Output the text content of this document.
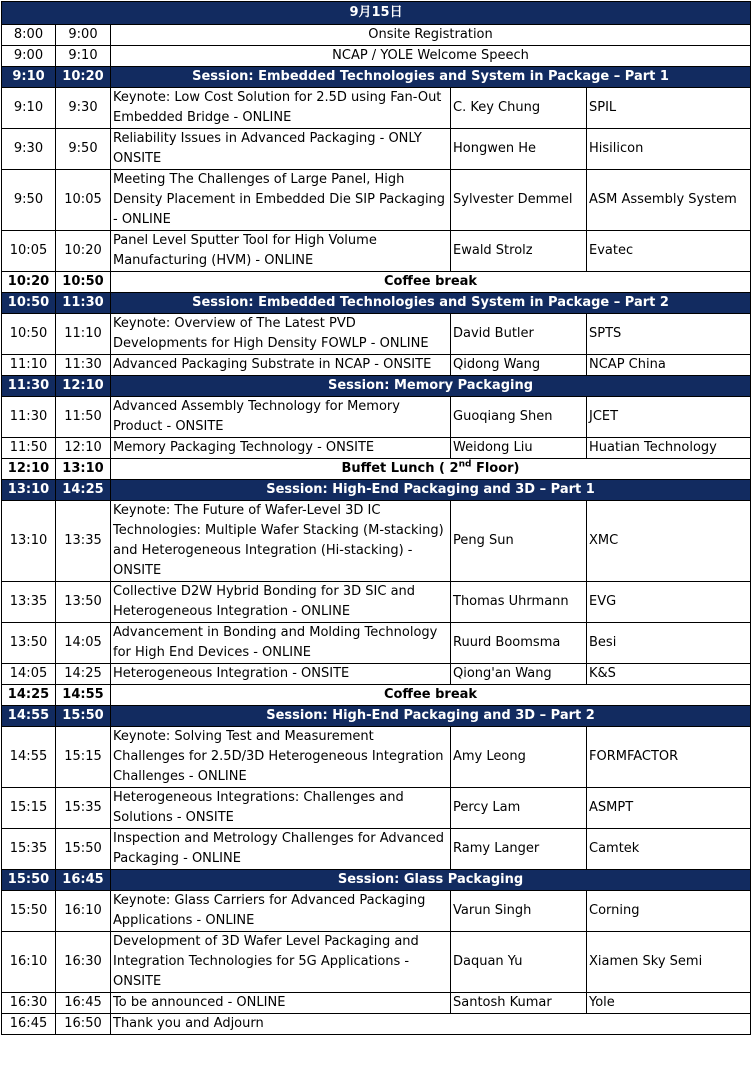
9月15日				
8:00	9:00	Onsite Registration		
9:00	9:10	NCAP / YOLE Welcome Speech		
9:10	10:20	Session: Embedded Technologies and System in Package – Part 1		
9:10	9:30	Keynote: Low Cost Solution for 2.5D using Fan-Out Embedded Bridge - ONLINE	C. Key Chung	SPIL
9:30	9:50	Reliability Issues in Advanced Packaging - ONLY ONSITE	Hongwen He	Hisilicon
9:50	10:05	Meeting The Challenges of Large Panel, High Density Placement in Embedded Die SIP Packaging - ONLINE	Sylvester Demmel	ASM Assembly System
10:05	10:20	Panel Level Sputter Tool for High Volume Manufacturing (HVM) - ONLINE	Ewald Strolz	Evatec
10:20	10:50	Coffee break		
10:50	11:30	Session: Embedded Technologies and System in Package – Part 2		
10:50	11:10	Keynote: Overview of The Latest PVD Developments for High Density FOWLP - ONLINE	David Butler	SPTS
11:10	11:30	Advanced Packaging Substrate in NCAP - ONSITE	Qidong Wang	NCAP China
11:30	12:10	Session: Memory Packaging		
11:30	11:50	Advanced Assembly Technology for Memory Product - ONSITE	Guoqiang Shen	JCET
11:50	12:10	Memory Packaging Technology - ONSITE	Weidong Liu	Huatian Technology
12:10	13:10	Buffet Lunch ( 2nd Floor)		
13:10	14:25	Session: High-End Packaging and 3D – Part 1		
13:10	13:35	Keynote: The Future of Wafer-Level 3D IC Technologies: Multiple Wafer Stacking (M-stacking) and Heterogeneous Integration (Hi-stacking) - ONSITE	Peng Sun	XMC
13:35	13:50	Collective D2W Hybrid Bonding for 3D SIC and Heterogeneous Integration - ONLINE	Thomas Uhrmann	EVG
13:50	14:05	Advancement in Bonding and Molding Technology for High End Devices - ONLINE	Ruurd Boomsma	Besi
14:05	14:25	Heterogeneous Integration - ONSITE	Qiong'an Wang	K&S
14:25	14:55	Coffee break		
14:55	15:50	Session: High-End Packaging and 3D – Part 2		
14:55	15:15	Keynote: Solving Test and Measurement Challenges for 2.5D/3D Heterogeneous Integration Challenges - ONLINE	Amy Leong	FORMFACTOR
15:15	15:35	Heterogeneous Integrations: Challenges and Solutions - ONSITE	Percy Lam	ASMPT
15:35	15:50	Inspection and Metrology Challenges for Advanced Packaging - ONLINE	Ramy Langer	Camtek
15:50	16:45	Session: Glass Packaging		
15:50	16:10	Keynote: Glass Carriers for Advanced Packaging Applications - ONLINE	Varun Singh	Corning
16:10	16:30	Development of 3D Wafer Level Packaging and Integration Technologies for 5G Applications - ONSITE	Daquan Yu	Xiamen Sky Semi
16:30	16:45	To be announced - ONLINE	Santosh Kumar	Yole
16:45	16:50	Thank you and Adjourn		
